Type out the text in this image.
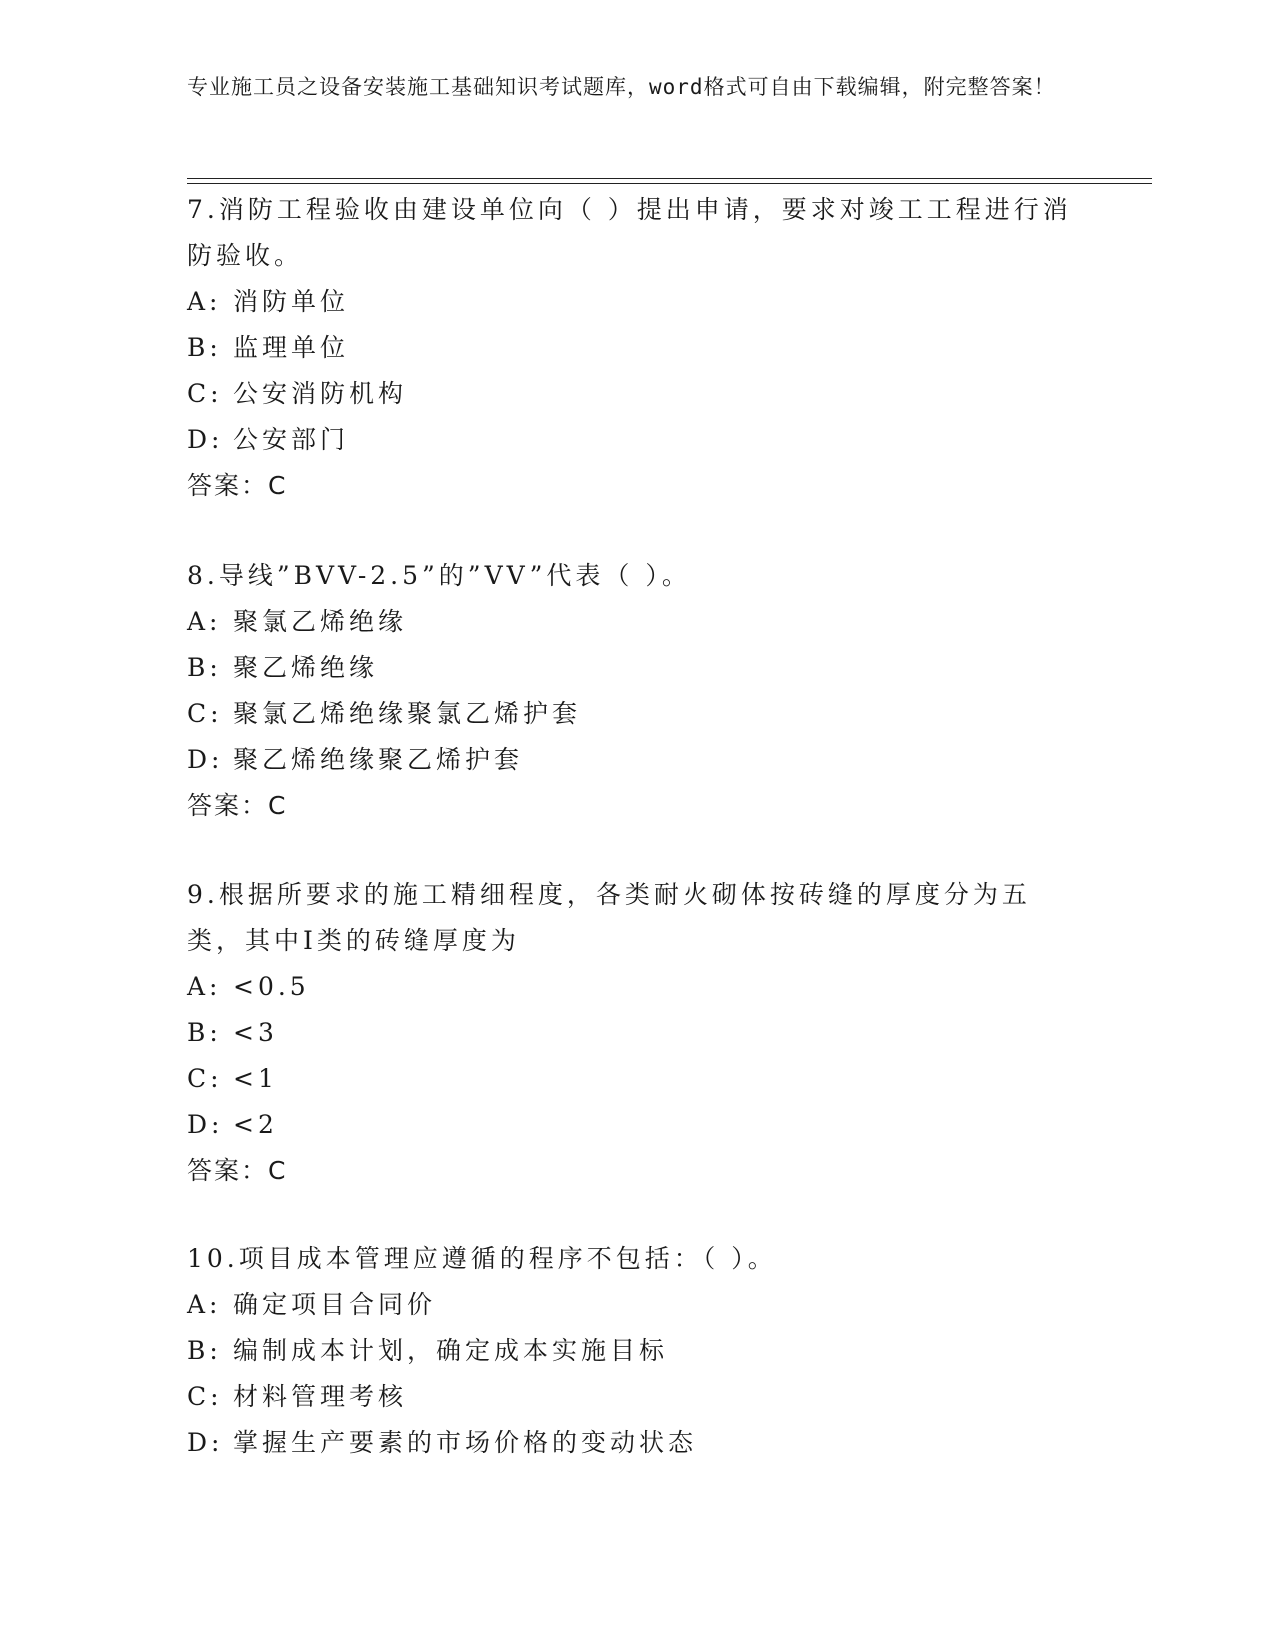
专业施工员之设备安装施工基础知识考试题库，word格式可自由下载编辑，附完整答案！
7.消防工程验收由建设单位向（ ）提出申请，要求对竣工工程进行消防验收。
A: 消防单位
B: 监理单位
C: 公安消防机构
D: 公安部门
答案：C
8.导线”BVV-2.5”的”VV”代表（ ）。
A: 聚氯乙烯绝缘
B: 聚乙烯绝缘
C: 聚氯乙烯绝缘聚氯乙烯护套
D: 聚乙烯绝缘聚乙烯护套
答案：C
9.根据所要求的施工精细程度，各类耐火砌体按砖缝的厚度分为五类，其中Ⅰ类的砖缝厚度为
A: <0.5
B: <3
C: <1
D: <2
答案：C
10.项目成本管理应遵循的程序不包括：（ ）。
A: 确定项目合同价
B: 编制成本计划，确定成本实施目标
C: 材料管理考核
D: 掌握生产要素的市场价格的变动状态
